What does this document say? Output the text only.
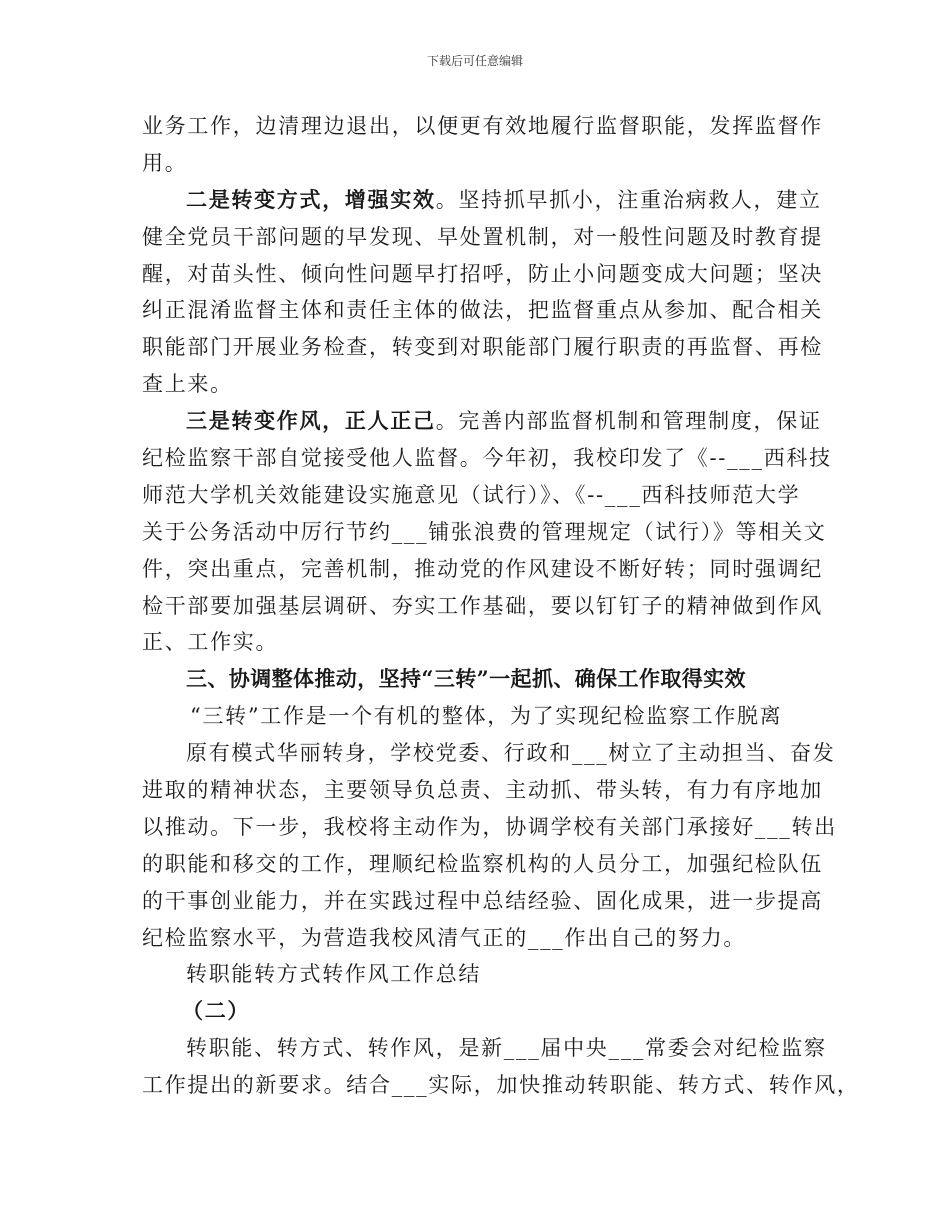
下载后可任意编辑
业务工作，边清理边退出，以便更有效地履行监督职能，发挥监督作
用。
二是转变方式，增强实效。坚持抓早抓小，注重治病救人，建立
健全党员干部问题的早发现、早处置机制，对一般性问题及时教育提
醒，对苗头性、倾向性问题早打招呼，防止小问题变成大问题；坚决
纠正混淆监督主体和责任主体的做法，把监督重点从参加、配合相关
职能部门开展业务检查，转变到对职能部门履行职责的再监督、再检
查上来。
三是转变作风，正人正己。完善内部监督机制和管理制度，保证
纪检监察干部自觉接受他人监督。今年初，我校印发了《--___西科技
师范大学机关效能建设实施意见（试行）》、《--___西科技师范大学
关于公务活动中厉行节约___铺张浪费的管理规定（试行）》等相关文
件，突出重点，完善机制，推动党的作风建设不断好转；同时强调纪
检干部要加强基层调研、夯实工作基础，要以钉钉子的精神做到作风
正、工作实。
三、协调整体推动，坚持“三转”一起抓、确保工作取得实效
“三转”工作是一个有机的整体，为了实现纪检监察工作脱离
原有模式华丽转身，学校党委、行政和___树立了主动担当、奋发
进取的精神状态，主要领导负总责、主动抓、带头转，有力有序地加
以推动。下一步，我校将主动作为，协调学校有关部门承接好___转出
的职能和移交的工作，理顺纪检监察机构的人员分工，加强纪检队伍
的干事创业能力，并在实践过程中总结经验、固化成果，进一步提高
纪检监察水平，为营造我校风清气正的___作出自己的努力。
转职能转方式转作风工作总结
（二）
转职能、转方式、转作风，是新___届中央___常委会对纪检监察
工作提出的新要求。结合___实际，加快推动转职能、转方式、转作风，
